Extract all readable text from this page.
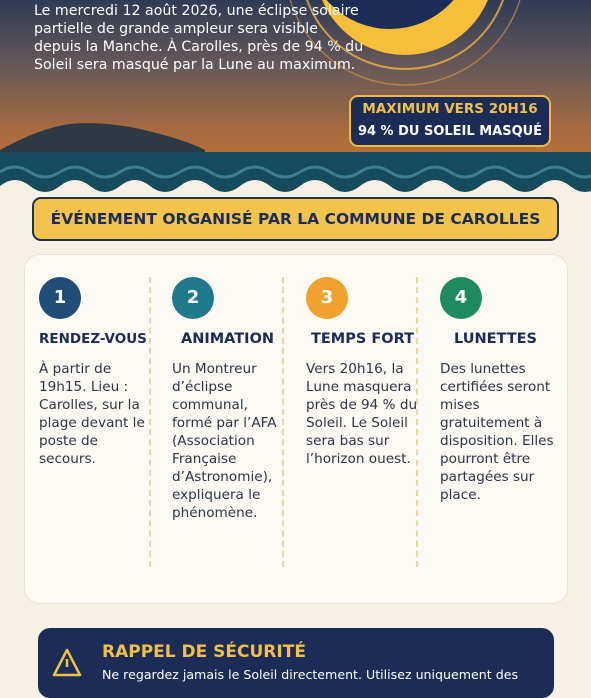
Le mercredi 12 août 2026, une éclipse solaire partielle de grande ampleur sera visible depuis la Manche. À Carolles, près de 94 % du Soleil sera masqué par la Lune au maximum.

MAXIMUM VERS 20H16
94 % DU SOLEIL MASQUÉ
ÉVÉNEMENT ORGANISÉ PAR LA COMMUNE DE CAROLLES
1
RENDEZ-VOUS
À partir de 19h15. Lieu : Carolles, sur la plage devant le poste de secours.
2
ANIMATION
Un Montreur d’éclipse communal, formé par l’AFA (Association Française d’Astronomie), expliquera le phénomène.
3
TEMPS FORT
Vers 20h16, la Lune masquera près de 94 % du Soleil. Le Soleil sera bas sur l’horizon ouest.
4
LUNETTES
Des lunettes certifiées seront mises gratuitement à disposition. Elles pourront être partagées sur place.
RAPPEL DE SÉCURITÉ
Ne regardez jamais le Soleil directement. Utilisez uniquement des
